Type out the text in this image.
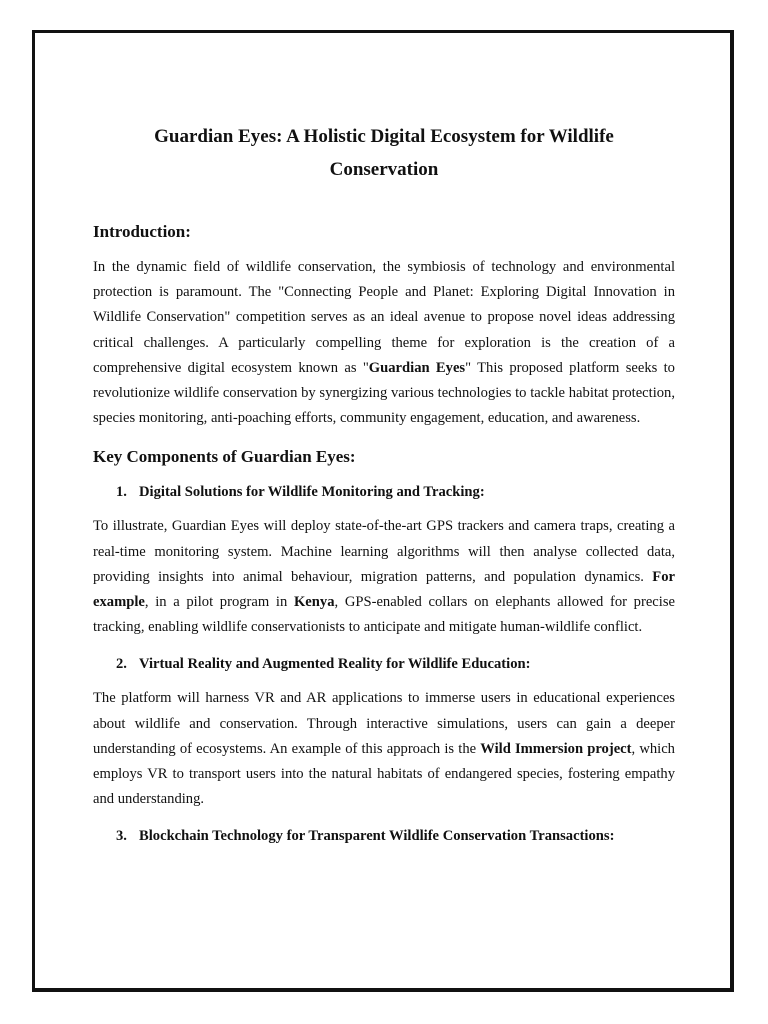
Guardian Eyes: A Holistic Digital Ecosystem for Wildlife Conservation
Introduction:

In the dynamic field of wildlife conservation, the symbiosis of technology and environmental protection is paramount. The "Connecting People and Planet: Exploring Digital Innovation in Wildlife Conservation" competition serves as an ideal avenue to propose novel ideas addressing critical challenges. A particularly compelling theme for exploration is the creation of a comprehensive digital ecosystem known as "Guardian Eyes" This proposed platform seeks to revolutionize wildlife conservation by synergizing various technologies to tackle habitat protection, species monitoring, anti-poaching efforts, community engagement, education, and awareness.

Key Components of Guardian Eyes:
1. Digital Solutions for Wildlife Monitoring and Tracking:

To illustrate, Guardian Eyes will deploy state-of-the-art GPS trackers and camera traps, creating a real-time monitoring system. Machine learning algorithms will then analyse collected data, providing insights into animal behaviour, migration patterns, and population dynamics. For example, in a pilot program in Kenya, GPS-enabled collars on elephants allowed for precise tracking, enabling wildlife conservationists to anticipate and mitigate human-wildlife conflict.

2. Virtual Reality and Augmented Reality for Wildlife Education:

The platform will harness VR and AR applications to immerse users in educational experiences about wildlife and conservation. Through interactive simulations, users can gain a deeper understanding of ecosystems. An example of this approach is the Wild Immersion project, which employs VR to transport users into the natural habitats of endangered species, fostering empathy and understanding.

3. Blockchain Technology for Transparent Wildlife Conservation Transactions:
